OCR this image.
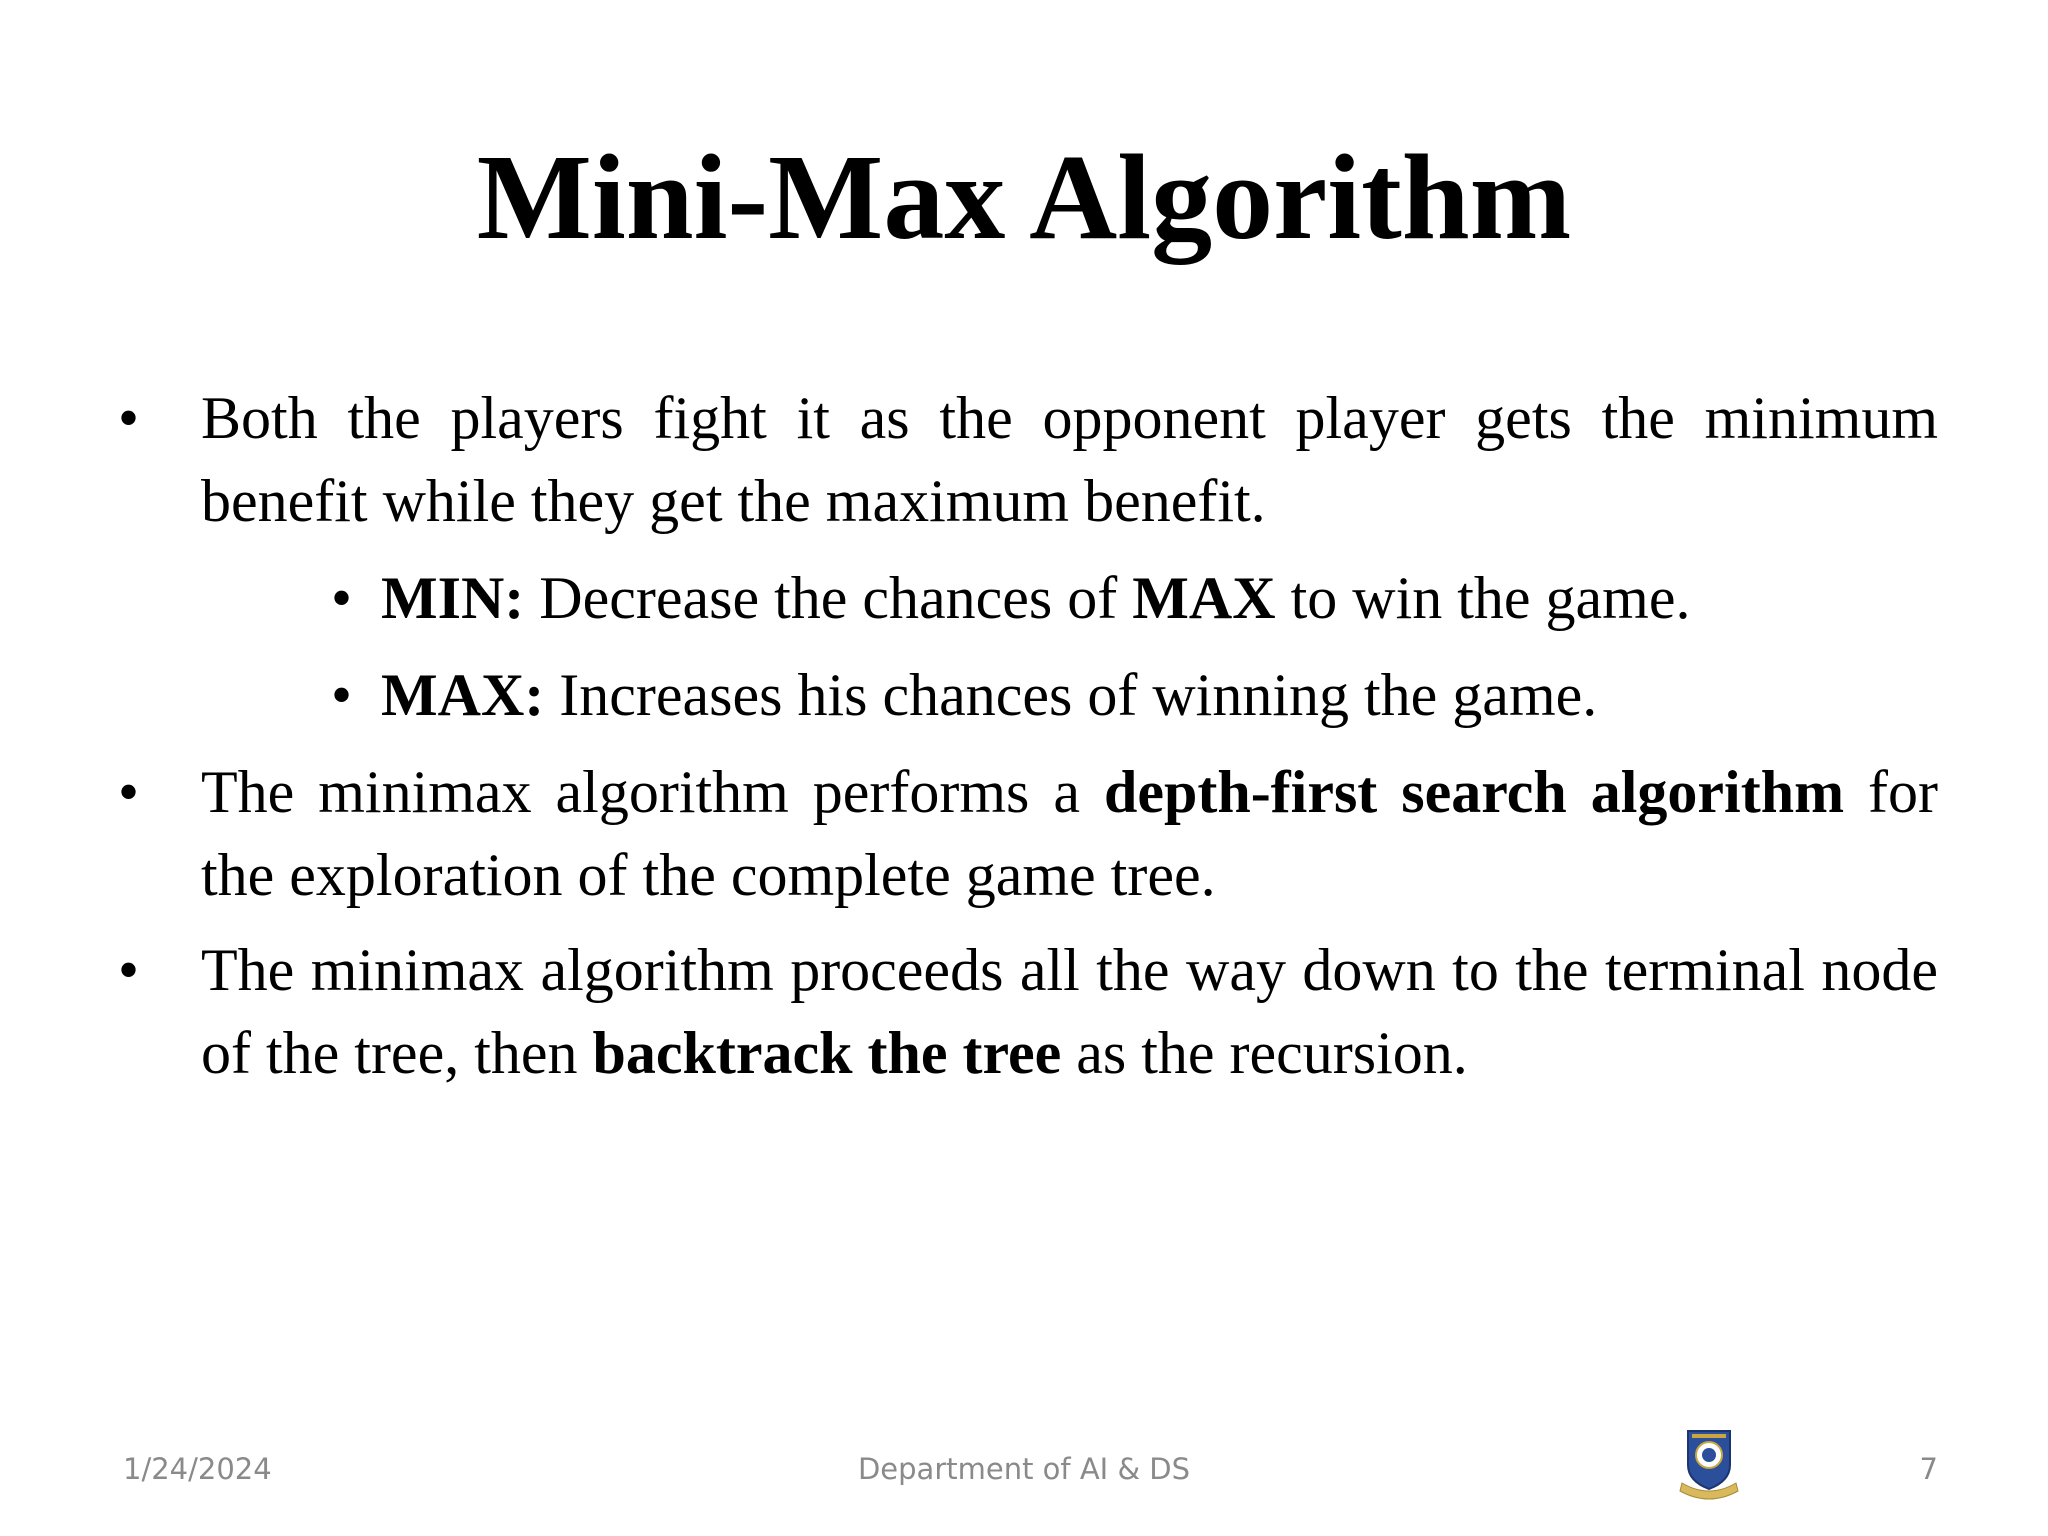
Mini-Max Algorithm
• Both the players fight it as the opponent player gets the minimum benefit while they get the maximum benefit.
• MIN: Decrease the chances of MAX to win the game.
• MAX: Increases his chances of winning the game.
• The minimax algorithm performs a depth-first search algorithm for the exploration of the complete game tree.
• The minimax algorithm proceeds all the way down to the terminal node of the tree, then backtrack the tree as the recursion.
1/24/2024	Department of AI & DS	7
